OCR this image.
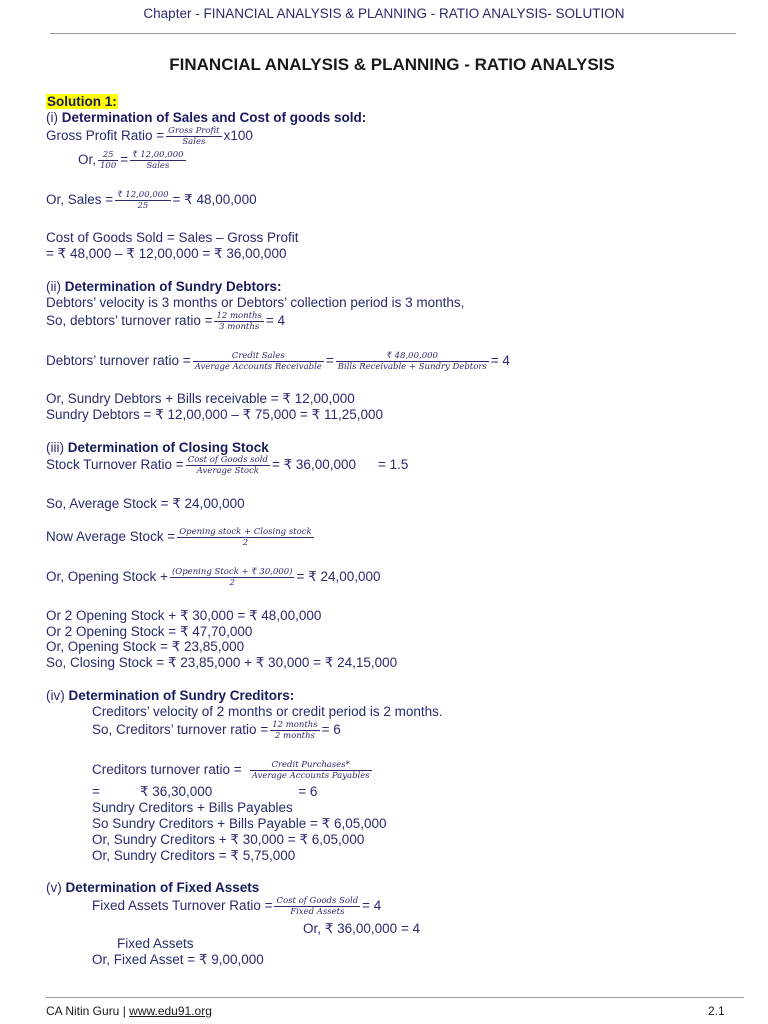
Chapter - FINANCIAL ANALYSIS & PLANNING - RATIO ANALYSIS- SOLUTION
FINANCIAL ANALYSIS & PLANNING - RATIO ANALYSIS
Solution 1:
(i) Determination of Sales and Cost of goods sold:
Gross Profit Ratio = $\frac{\text{Gross Profit}}{\text{Sales}} x100$
Or, $\frac{25}{100} = \frac{₹ 12,00,000}{\text{Sales}}$
Or, Sales = $\frac{₹ 12,00,000}{25}$ = ₹ 48,00,000
Cost of Goods Sold = Sales – Gross Profit
= ₹ 48,000 – ₹ 12,00,000 = ₹ 36,00,000
(ii) Determination of Sundry Debtors:
Debtors’ velocity is 3 months or Debtors’ collection period is 3 months,
So, debtors’ turnover ratio = $\frac{\text{12 months}}{\text{3 months}} = 4$
Debtors’ turnover ratio = $\frac{\text{Credit Sales}}{\text{Average Accounts Receivable}} = \frac{₹ 48,00,000}{\text{Bills Receivable + Sundry Debtors}} = 4$
Or, Sundry Debtors + Bills receivable = ₹ 12,00,000
Sundry Debtors = ₹ 12,00,000 – ₹ 75,000 = ₹ 11,25,000
(iii) Determination of Closing Stock
Stock Turnover Ratio = $\frac{\text{Cost of Goods sold}}{\text{Average Stock}}$ = ₹ 36,00,000 = 1.5
So, Average Stock = ₹ 24,00,000
Now Average Stock = $\frac{\text{Opening stock + Closing stock}}{2}$
Or, Opening Stock + $\frac{\text{(Opening Stock + ₹ 30,000)}}{2}$ = ₹ 24,00,000
Or 2 Opening Stock + ₹ 30,000 = ₹ 48,00,000
Or 2 Opening Stock = ₹ 47,70,000
Or, Opening Stock = ₹ 23,85,000
So, Closing Stock = ₹ 23,85,000 + ₹ 30,000 = ₹ 24,15,000
(iv) Determination of Sundry Creditors:
Creditors’ velocity of 2 months or credit period is 2 months.
So, Creditors’ turnover ratio = $\frac{\text{12 months}}{\text{2 months}} = 6$
Creditors turnover ratio = $\frac{\text{Credit Purchases*}}{\text{Average Accounts Payables}}$
=	₹ 36,30,000	= 6
Sundry Creditors + Bills Payables
So Sundry Creditors + Bills Payable = ₹ 6,05,000
Or, Sundry Creditors + ₹ 30,000 = ₹ 6,05,000
Or, Sundry Creditors = ₹ 5,75,000
(v) Determination of Fixed Assets
Fixed Assets Turnover Ratio = $\frac{\text{Cost of Goods Sold}}{\text{Fixed Assets}} = 4$
Or, ₹ 36,00,000 = 4
Fixed Assets
Or, Fixed Asset = ₹ 9,00,000
CA Nitin Guru | www.edu91.org	2.1
